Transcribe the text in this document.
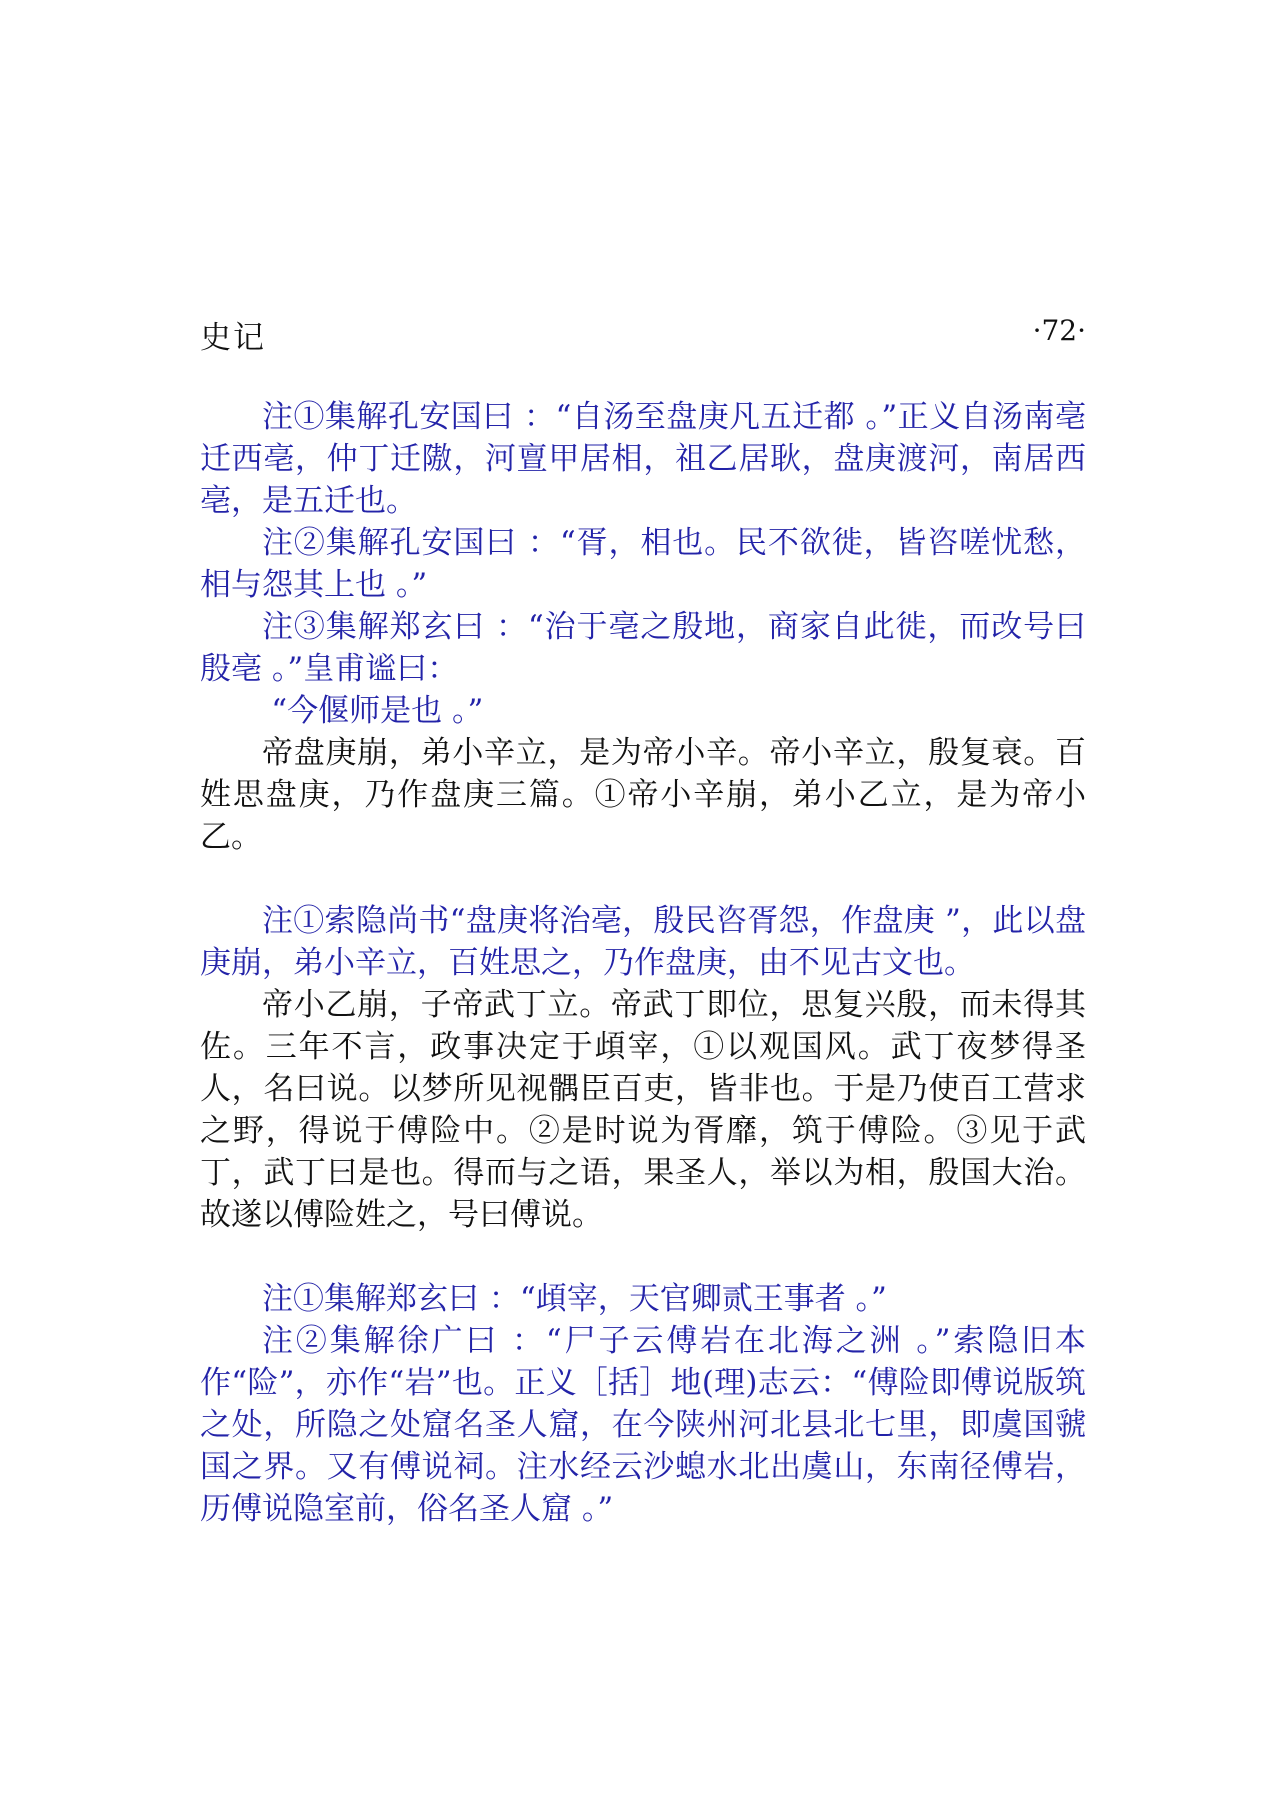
史记	·72·

注①集解孔安国曰 ：“自汤至盘庚凡五迁都 。”正义自汤南亳迁西亳，仲丁迁隞，河亶甲居相，祖乙居耿，盘庚渡河，南居西亳，是五迁也。

注②集解孔安国曰 ：“胥，相也。民不欲徙，皆咨嗟忧愁，相与怨其上也 。”

注③集解郑玄曰 ：“治于亳之殷地，商家自此徙，而改号曰殷亳 。”皇甫谧曰：

“今偃师是也 。”

帝盘庚崩，弟小辛立，是为帝小辛。帝小辛立，殷复衰。百姓思盘庚，乃作盘庚三篇。①帝小辛崩，弟小乙立，是为帝小乙。

注①索隐尚书“盘庚将治亳，殷民咨胥怨，作盘庚 ”，此以盘庚崩，弟小辛立，百姓思之，乃作盘庚，由不见古文也。

帝小乙崩，子帝武丁立。帝武丁即位，思复兴殷，而未得其佐。三年不言，政事决定于頉宰，①以观国风。武丁夜梦得圣人，名曰说。以梦所见视髃臣百吏，皆非也。于是乃使百工营求之野，得说于傅险中。②是时说为胥靡，筑于傅险。③见于武丁，武丁曰是也。得而与之语，果圣人，举以为相，殷国大治。故遂以傅险姓之，号曰傅说。

注①集解郑玄曰 ：“頉宰，天官卿贰王事者 。”

注②集解徐广曰 ：“尸子云傅岩在北海之洲 。”索隐旧本作“险”，亦作“岩”也。正义［括］地(理)志云：“傅险即傅说版筑之处，所隐之处窟名圣人窟，在今陕州河北县北七里，即虞国虢国之界。又有傅说祠。注水经云沙螅水北出虞山，东南径傅岩，历傅说隐室前，俗名圣人窟 。”
